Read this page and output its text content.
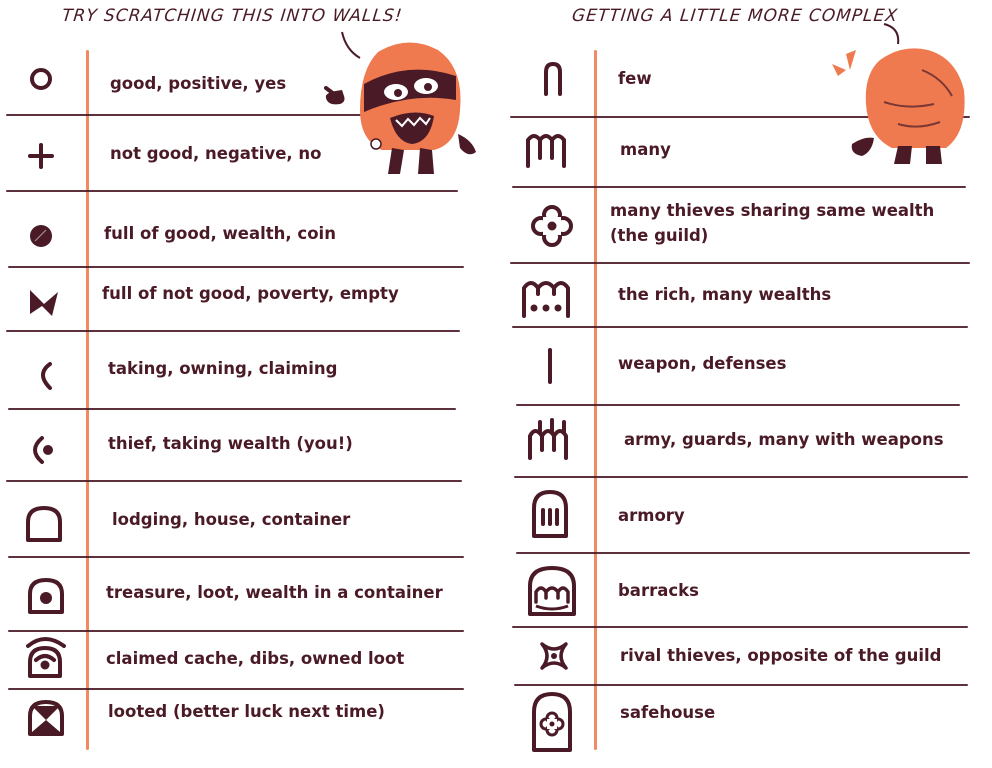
TRY SCRATCHING THIS INTO WALLS!	GETTING A LITTLE MORE COMPLEX
good, positive, yes
not good, negative, no
full of good, wealth, coin
full of not good, poverty, empty
taking, owning, claiming
thief, taking wealth (you!)
lodging, house, container
treasure, loot, wealth in a container
claimed cache, dibs, owned loot
looted (better luck next time)
few
many
many thieves sharing same wealth
(the guild)
the rich, many wealths
weapon, defenses
army, guards, many with weapons
armory
barracks
rival thieves, opposite of the guild
safehouse
